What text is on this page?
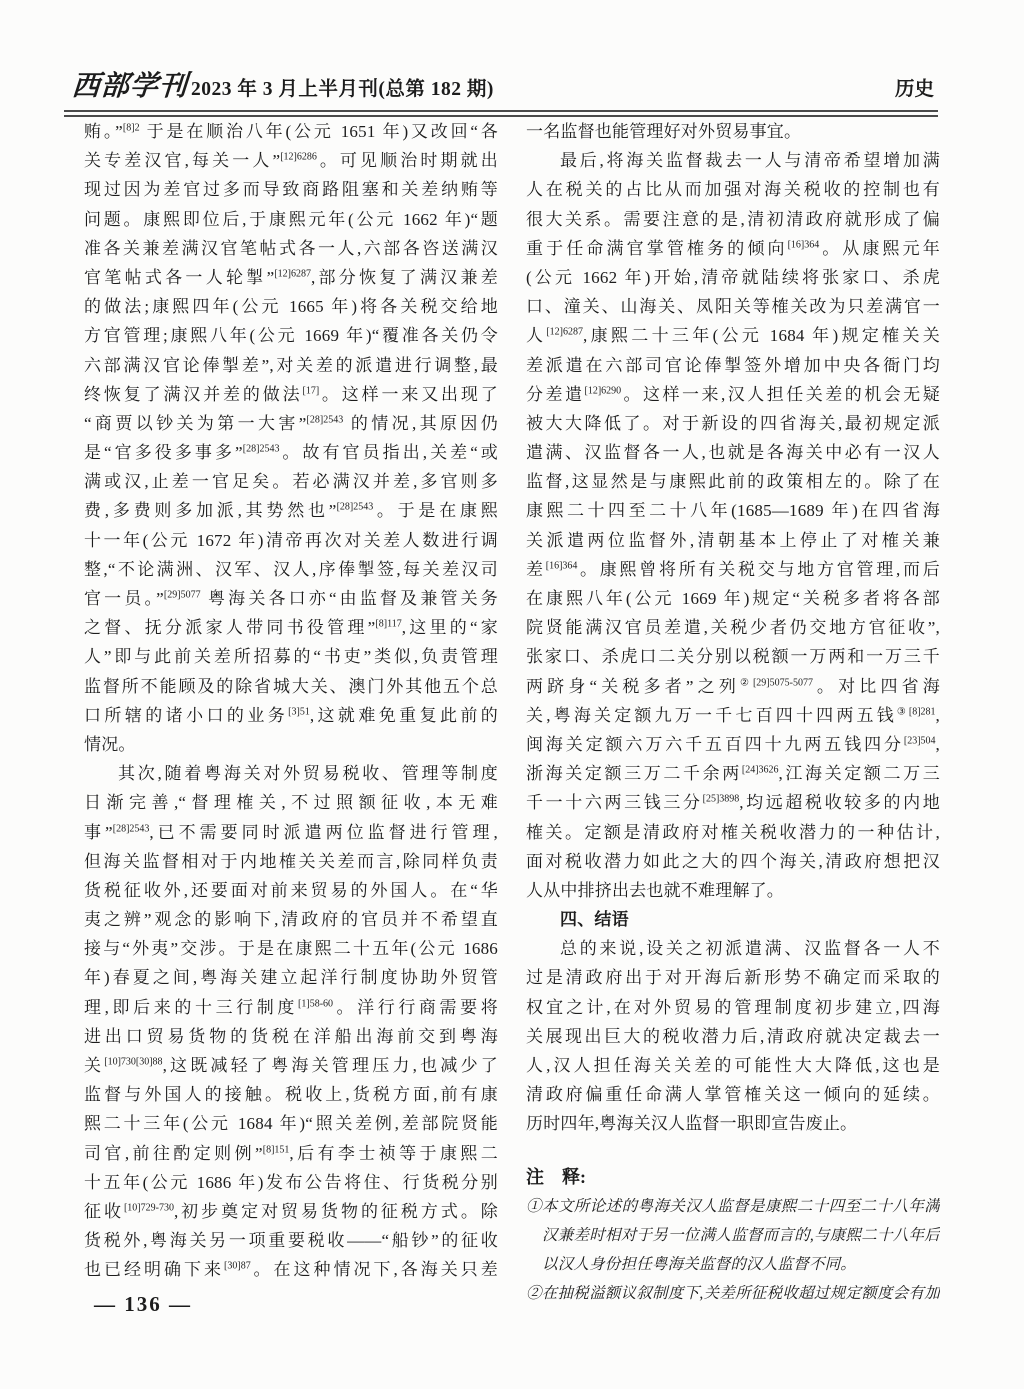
西部学刊 2023 年 3 月上半月刊(总第 182 期)	历史
贿。”$^{[8]2}$ 于是在顺治八年(公元 1651 年)又改回“各
关专差汉官,每关一人”$^{[12]6286}$。可见顺治时期就出
现过因为差官过多而导致商路阻塞和关差纳贿等
问题。康熙即位后,于康熙元年(公元 1662 年)“题
准各关兼差满汉官笔帖式各一人,六部各咨送满汉
官笔帖式各一人轮掣”$^{[12]6287}$,部分恢复了满汉兼差
的做法;康熙四年(公元 1665 年)将各关税交给地
方官管理;康熙八年(公元 1669 年)“覆准各关仍令
六部满汉官论俸掣差”,对关差的派遣进行调整,最
终恢复了满汉并差的做法[17]。这样一来又出现了
“商贾以钞关为第一大害”$^{[28]2543}$ 的情况,其原因仍
是“官多役多事多”$^{[28]2543}$。故有官员指出,关差“或
满或汉,止差一官足矣。若必满汉并差,多官则多
费,多费则多加派,其势然也”$^{[28]2543}$。于是在康熙
十一年(公元 1672 年)清帝再次对关差人数进行调
整,“不论满洲、汉军、汉人,序俸掣签,每关差汉司
官一员。”$^{[29]5077}$ 粤海关各口亦“由监督及兼管关务
之督、抚分派家人带同书役管理”$^{[8]117}$,这里的“家
人”即与此前关差所招募的“书吏”类似,负责管理
监督所不能顾及的除省城大关、澳门外其他五个总
口所辖的诸小口的业务$^{[3]51}$,这就难免重复此前的
情况。
其次,随着粤海关对外贸易税收、管理等制度
日渐完善,“督理榷关,不过照额征收,本无难
事”$^{[28]2543}$,已不需要同时派遣两位监督进行管理,
但海关监督相对于内地榷关关差而言,除同样负责
货税征收外,还要面对前来贸易的外国人。在“华
夷之辨”观念的影响下,清政府的官员并不希望直
接与“外夷”交涉。于是在康熙二十五年(公元 1686
年)春夏之间,粤海关建立起洋行制度协助外贸管
理,即后来的十三行制度$^{[1]58-60}$。洋行行商需要将
进出口贸易货物的货税在洋船出海前交到粤海
关$^{[10]730[30]88}$,这既减轻了粤海关管理压力,也减少了
监督与外国人的接触。税收上,货税方面,前有康
熙二十三年(公元 1684 年)“照关差例,差部院贤能
司官,前往酌定则例”$^{[8]151}$,后有李士祯等于康熙二
十五年(公元 1686 年)发布公告将住、行货税分别
征收$^{[10]729-730}$,初步奠定对贸易货物的征税方式。除
货税外,粤海关另一项重要税收——“船钞”的征收
也已经明确下来$^{[30]87}$。在这种情况下,各海关只差
一名监督也能管理好对外贸易事宜。
最后,将海关监督裁去一人与清帝希望增加满
人在税关的占比从而加强对海关税收的控制也有
很大关系。需要注意的是,清初清政府就形成了偏
重于任命满官掌管榷务的倾向$^{[16]364}$。从康熙元年
(公元 1662 年)开始,清帝就陆续将张家口、杀虎
口、潼关、山海关、凤阳关等榷关改为只差满官一
人$^{[12]6287}$,康熙二十三年(公元 1684 年)规定榷关关
差派遣在六部司官论俸掣签外增加中央各衙门均
分差遣$^{[12]6290}$。这样一来,汉人担任关差的机会无疑
被大大降低了。对于新设的四省海关,最初规定派
遣满、汉监督各一人,也就是各海关中必有一汉人
监督,这显然是与康熙此前的政策相左的。除了在
康熙二十四至二十八年(1685—1689 年)在四省海
关派遣两位监督外,清朝基本上停止了对榷关兼
差$^{[16]364}$。康熙曾将所有关税交与地方官管理,而后
在康熙八年(公元 1669 年)规定“关税多者将各部
院贤能满汉官员差遣,关税少者仍交地方官征收”,
张家口、杀虎口二关分别以税额一万两和一万三千
两跻身“关税多者”之列$^{②[29]5075-5077}$。对比四省海
关,粤海关定额九万一千七百四十四两五钱$^{③[8]281}$,
闽海关定额六万六千五百四十九两五钱四分$^{[23]504}$,
浙海关定额三万二千余两$^{[24]3626}$,江海关定额二万三
千一十六两三钱三分$^{[25]3898}$,均远超税收较多的内地
榷关。定额是清政府对榷关税收潜力的一种估计,
面对税收潜力如此之大的四个海关,清政府想把汉
人从中排挤出去也就不难理解了。
四、结语
总的来说,设关之初派遣满、汉监督各一人不
过是清政府出于对开海后新形势不确定而采取的
权宜之计,在对外贸易的管理制度初步建立,四海
关展现出巨大的税收潜力后,清政府就决定裁去一
人,汉人担任海关关差的可能性大大降低,这也是
清政府偏重任命满人掌管榷关这一倾向的延续。
历时四年,粤海关汉人监督一职即宣告废止。
注　释:
①本文所论述的粤海关汉人监督是康熙二十四至二十八年满
汉兼差时相对于另一位满人监督而言的,与康熙二十八年后
以汉人身份担任粤海关监督的汉人监督不同。
②在抽税溢额议叙制度下,关差所征税收超过规定额度会有加
— 136 —
